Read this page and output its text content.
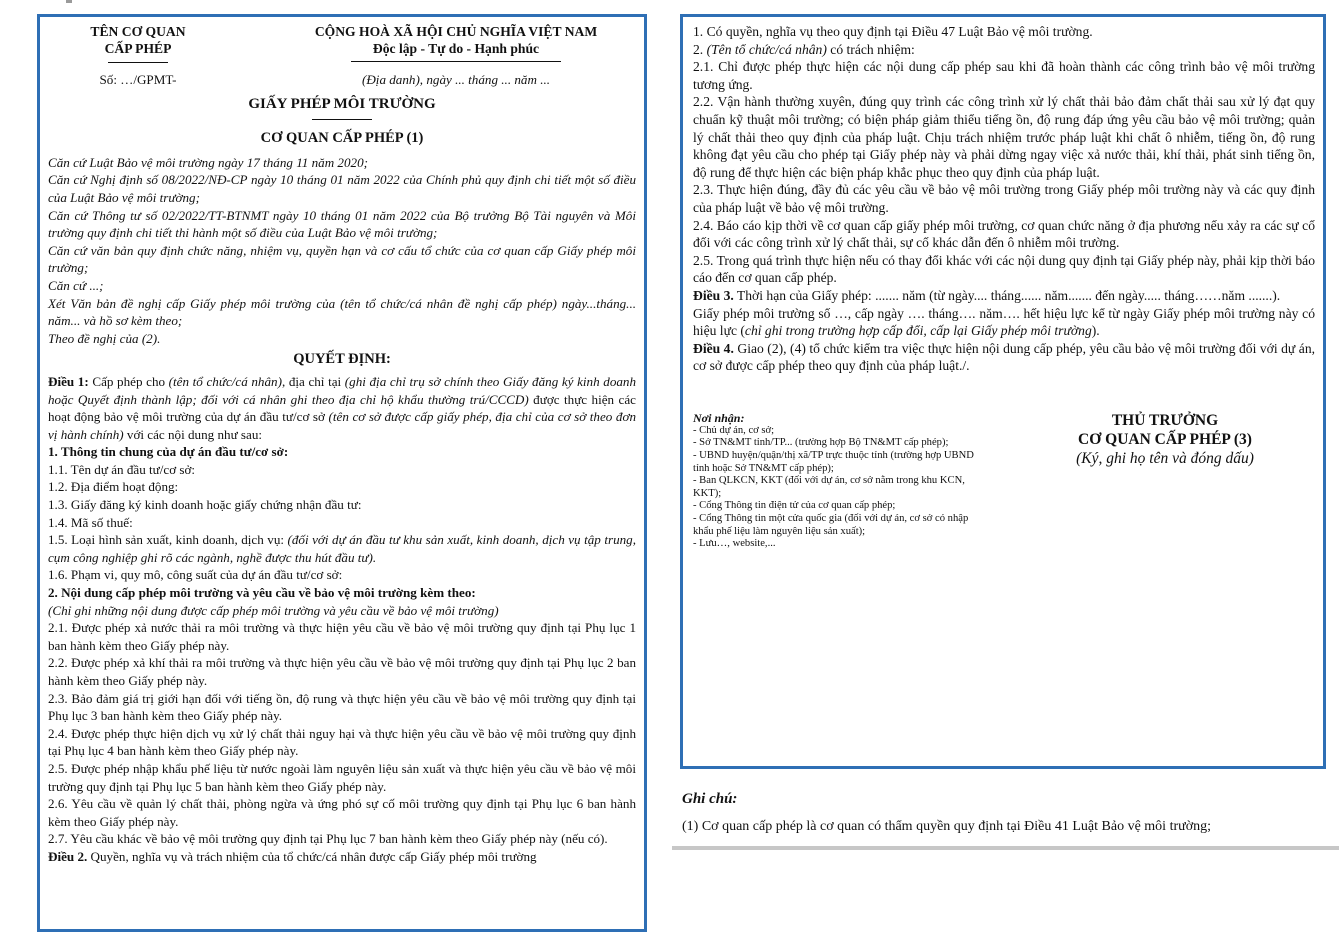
TÊN CƠ QUAN
CẤP PHÉP
CỘNG HOÀ XÃ HỘI CHỦ NGHĨA VIỆT NAM
Độc lập - Tự do - Hạnh phúc
Số: …/GPMT-	(Địa danh), ngày ... tháng ... năm ...
GIẤY PHÉP MÔI TRƯỜNG
CƠ QUAN CẤP PHÉP (1)

Căn cứ Luật Bảo vệ môi trường ngày 17 tháng 11 năm 2020;

Căn cứ Nghị định số 08/2022/NĐ-CP ngày 10 tháng 01 năm 2022 của Chính phủ quy định chi tiết một số điều của Luật Bảo vệ môi trường;

Căn cứ Thông tư số 02/2022/TT-BTNMT ngày 10 tháng 01 năm 2022 của Bộ trưởng Bộ Tài nguyên và Môi trường quy định chi tiết thi hành một số điều của Luật Bảo vệ môi trường;

Căn cứ văn bản quy định chức năng, nhiệm vụ, quyền hạn và cơ cấu tổ chức của cơ quan cấp Giấy phép môi trường;

Căn cứ ...;

Xét Văn bản đề nghị cấp Giấy phép môi trường của (tên tổ chức/cá nhân đề nghị cấp phép) ngày...tháng... năm... và hồ sơ kèm theo;

Theo đề nghị của (2).

QUYẾT ĐỊNH:

Điều 1: Cấp phép cho (tên tổ chức/cá nhân), địa chỉ tại (ghi địa chỉ trụ sở chính theo Giấy đăng ký kinh doanh hoặc Quyết định thành lập; đối với cá nhân ghi theo địa chỉ hộ khẩu thường trú/CCCD) được thực hiện các hoạt động bảo vệ môi trường của dự án đầu tư/cơ sở (tên cơ sở được cấp giấy phép, địa chỉ của cơ sở theo đơn vị hành chính) với các nội dung như sau:

1. Thông tin chung của dự án đầu tư/cơ sở:

1.1. Tên dự án đầu tư/cơ sở:

1.2. Địa điểm hoạt động:

1.3. Giấy đăng ký kinh doanh hoặc giấy chứng nhận đầu tư:

1.4. Mã số thuế:

1.5. Loại hình sản xuất, kinh doanh, dịch vụ: (đối với dự án đầu tư khu sản xuất, kinh doanh, dịch vụ tập trung, cụm công nghiệp ghi rõ các ngành, nghề được thu hút đầu tư).

1.6. Phạm vi, quy mô, công suất của dự án đầu tư/cơ sở:

2. Nội dung cấp phép môi trường và yêu cầu về bảo vệ môi trường kèm theo:

(Chỉ ghi những nội dung được cấp phép môi trường và yêu cầu về bảo vệ môi trường)

2.1. Được phép xả nước thải ra môi trường và thực hiện yêu cầu về bảo vệ môi trường quy định tại Phụ lục 1 ban hành kèm theo Giấy phép này.

2.2. Được phép xả khí thải ra môi trường và thực hiện yêu cầu về bảo vệ môi trường quy định tại Phụ lục 2 ban hành kèm theo Giấy phép này.

2.3. Bảo đảm giá trị giới hạn đối với tiếng ồn, độ rung và thực hiện yêu cầu về bảo vệ môi trường quy định tại Phụ lục 3 ban hành kèm theo Giấy phép này.

2.4. Được phép thực hiện dịch vụ xử lý chất thải nguy hại và thực hiện yêu cầu về bảo vệ môi trường quy định tại Phụ lục 4 ban hành kèm theo Giấy phép này.

2.5. Được phép nhập khẩu phế liệu từ nước ngoài làm nguyên liệu sản xuất và thực hiện yêu cầu về bảo vệ môi trường quy định tại Phụ lục 5 ban hành kèm theo Giấy phép này.

2.6. Yêu cầu về quản lý chất thải, phòng ngừa và ứng phó sự cố môi trường quy định tại Phụ lục 6 ban hành kèm theo Giấy phép này.

2.7. Yêu cầu khác về bảo vệ môi trường quy định tại Phụ lục 7 ban hành kèm theo Giấy phép này (nếu có).

Điều 2. Quyền, nghĩa vụ và trách nhiệm của tổ chức/cá nhân được cấp Giấy phép môi trường

1. Có quyền, nghĩa vụ theo quy định tại Điều 47 Luật Bảo vệ môi trường.

2. (Tên tổ chức/cá nhân) có trách nhiệm:

2.1. Chỉ được phép thực hiện các nội dung cấp phép sau khi đã hoàn thành các công trình bảo vệ môi trường tương ứng.

2.2. Vận hành thường xuyên, đúng quy trình các công trình xử lý chất thải bảo đảm chất thải sau xử lý đạt quy chuẩn kỹ thuật môi trường; có biện pháp giảm thiểu tiếng ồn, độ rung đáp ứng yêu cầu bảo vệ môi trường; quản lý chất thải theo quy định của pháp luật. Chịu trách nhiệm trước pháp luật khi chất ô nhiễm, tiếng ồn, độ rung không đạt yêu cầu cho phép tại Giấy phép này và phải dừng ngay việc xả nước thải, khí thải, phát sinh tiếng ồn, độ rung để thực hiện các biện pháp khắc phục theo quy định của pháp luật.

2.3. Thực hiện đúng, đầy đủ các yêu cầu về bảo vệ môi trường trong Giấy phép môi trường này và các quy định của pháp luật về bảo vệ môi trường.

2.4. Báo cáo kịp thời về cơ quan cấp giấy phép môi trường, cơ quan chức năng ở địa phương nếu xảy ra các sự cố đối với các công trình xử lý chất thải, sự cố khác dẫn đến ô nhiễm môi trường.

2.5. Trong quá trình thực hiện nếu có thay đổi khác với các nội dung quy định tại Giấy phép này, phải kịp thời báo cáo đến cơ quan cấp phép.

Điều 3. Thời hạn của Giấy phép: ....... năm (từ ngày.... tháng...... năm....... đến ngày..... tháng……năm .......).

Giấy phép môi trường số …, cấp ngày …. tháng…. năm…. hết hiệu lực kể từ ngày Giấy phép môi trường này có hiệu lực (chỉ ghi trong trường hợp cấp đổi, cấp lại Giấy phép môi trường).

Điều 4. Giao (2), (4) tổ chức kiểm tra việc thực hiện nội dung cấp phép, yêu cầu bảo vệ môi trường đối với dự án, cơ sở được cấp phép theo quy định của pháp luật./.

Nơi nhận:
- Chủ dự án, cơ sở;
- Sở TN&MT tỉnh/TP... (trường hợp Bộ TN&MT cấp phép);
- UBND huyện/quận/thị xã/TP trực thuộc tỉnh (trường hợp UBND tỉnh hoặc Sở TN&MT cấp phép);
- Ban QLKCN, KKT (đối với dự án, cơ sở nằm trong khu KCN, KKT);
- Cổng Thông tin điện tử của cơ quan cấp phép;
- Cổng Thông tin một cửa quốc gia (đối với dự án, cơ sở có nhập khẩu phế liệu làm nguyên liệu sản xuất);
- Lưu…, website,...
THỦ TRƯỞNG
CƠ QUAN CẤP PHÉP (3)
(Ký, ghi họ tên và đóng dấu)
Ghi chú:
(1) Cơ quan cấp phép là cơ quan có thẩm quyền quy định tại Điều 41 Luật Bảo vệ môi trường;
